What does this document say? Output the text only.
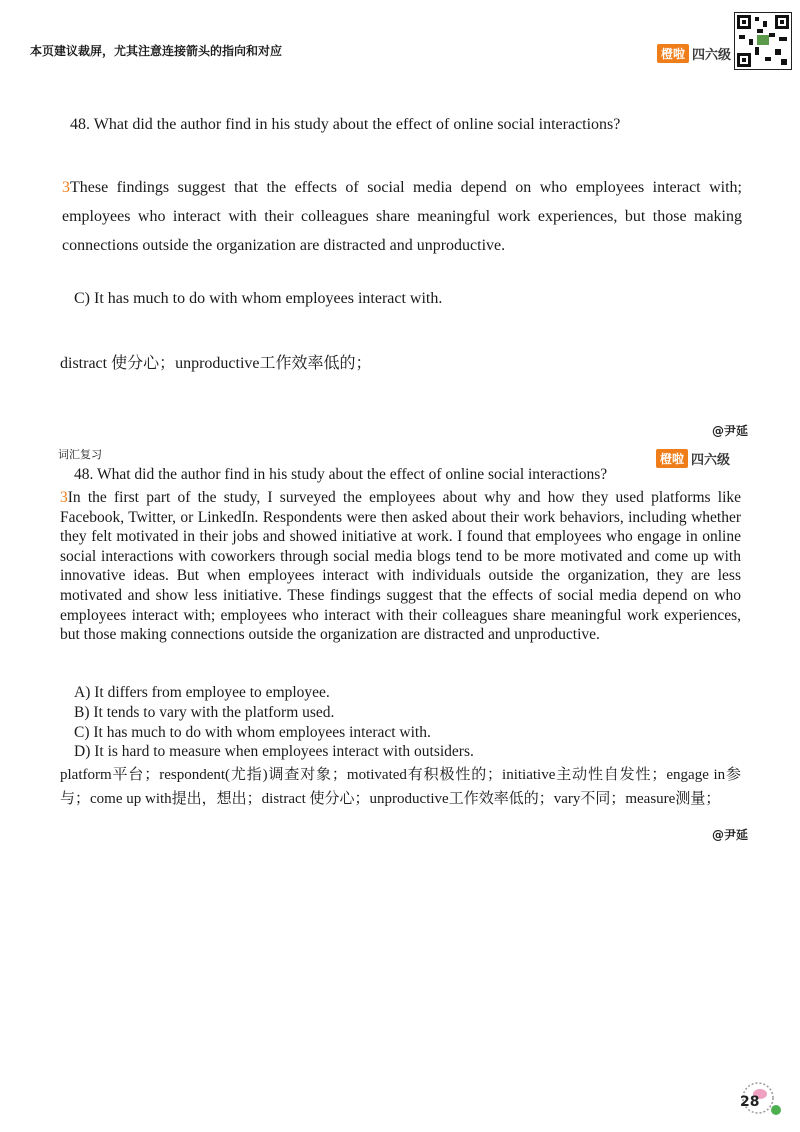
本页建议裁屏，尤其注意连接箭头的指向和对应	橙啦 四六级
48. What did the author find in his study about the effect of online social interactions?
3These findings suggest that the effects of social media depend on who employees interact with; employees who interact with their colleagues share meaningful work experiences, but those making connections outside the organization are distracted and unproductive.
C) It has much to do with whom employees interact with.
distract 使分心；unproductive工作效率低的；
@尹延
词汇复习	橙啦 四六级
48. What did the author find in his study about the effect of online social interactions?
3In the first part of the study, I surveyed the employees about why and how they used platforms like Facebook, Twitter, or LinkedIn. Respondents were then asked about their work behaviors, including whether they felt motivated in their jobs and showed initiative at work. I found that employees who engage in online social interactions with coworkers through social media blogs tend to be more motivated and come up with innovative ideas. But when employees interact with individuals outside the organization, they are less motivated and show less initiative. These findings suggest that the effects of social media depend on who employees interact with; employees who interact with their colleagues share meaningful work experiences, but those making connections outside the organization are distracted and unproductive.
A) It differs from employee to employee.
B) It tends to vary with the platform used.
C) It has much to do with whom employees interact with.
D) It is hard to measure when employees interact with outsiders.
platform平台；respondent(尤指)调查对象；motivated有积极性的；initiative主动性自发性；engage in参与；come up with提出，想出；distract 使分心；unproductive工作效率低的；vary不同；measure测量；
@尹延
28
